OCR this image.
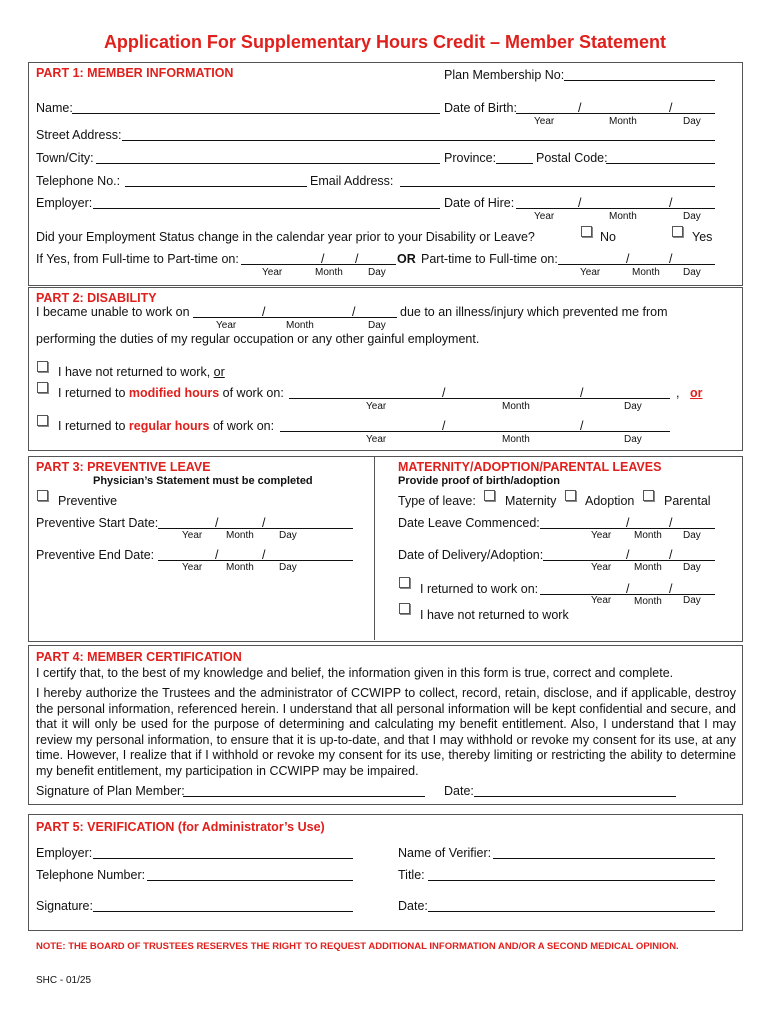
Application For Supplementary Hours Credit – Member Statement
PART 1: MEMBER INFORMATION	Plan Membership No:
Name:	Date of Birth:	/	/
Year	Month	Day
Street Address:
Town/City:	Province:	Postal Code:
Telephone No.:	Email Address:
Employer:	Date of Hire:	/	/
Year	Month	Day
Did your Employment Status change in the calendar year prior to your Disability or Leave?	No	Yes
If Yes, from Full-time to Part-time on:	/ /	OR Part-time to Full-time on:	/	/
Year	Month	Day	Year	Month Day
PART 2: DISABILITY
I became unable to work on	/	/	due to an illness/injury which prevented me from
Year	Month	Day
performing the duties of my regular occupation or any other gainful employment.
I have not returned to work, or
I returned to modified hours of work on:	/	/	, or
Year	Month	Day
I returned to regular hours of work on:	/	/
Year	Month	Day
PART 3: PREVENTIVE LEAVE
Physician’s Statement must be completed
Preventive
Preventive Start Date:	/	/
Year Month	Day
Preventive End Date:	/	/
Year Month	Day
MATERNITY/ADOPTION/PARENTAL LEAVES
Provide proof of birth/adoption
Type of leave: Maternity Adoption Parental
Date Leave Commenced:	/	/
Year Month Day
Date of Delivery/Adoption:	/	/
Year Month Day
I returned to work on:	/	/
Year Month Day
I have not returned to work
PART 4: MEMBER CERTIFICATION
I certify that, to the best of my knowledge and belief, the information given in this form is true, correct and complete.
I hereby authorize the Trustees and the administrator of CCWIPP to collect, record, retain, disclose, and if applicable, destroy the personal information, referenced herein. I understand that all personal information will be kept confidential and secure, and that it will only be used for the purpose of determining and calculating my benefit entitlement. Also, I understand that I may review my personal information, to ensure that it is up-to-date, and that I may withhold or revoke my consent for its use, at any time. However, I realize that if I withhold or revoke my consent for its use, thereby limiting or restricting the ability to determine my benefit entitlement, my participation in CCWIPP may be impaired.
Signature of Plan Member:	Date:
PART 5: VERIFICATION (for Administrator’s Use)
Employer:	Name of Verifier:
Telephone Number:	Title:
Signature:	Date:
NOTE: THE BOARD OF TRUSTEES RESERVES THE RIGHT TO REQUEST ADDITIONAL INFORMATION AND/OR A SECOND MEDICAL OPINION.
SHC - 01/25
